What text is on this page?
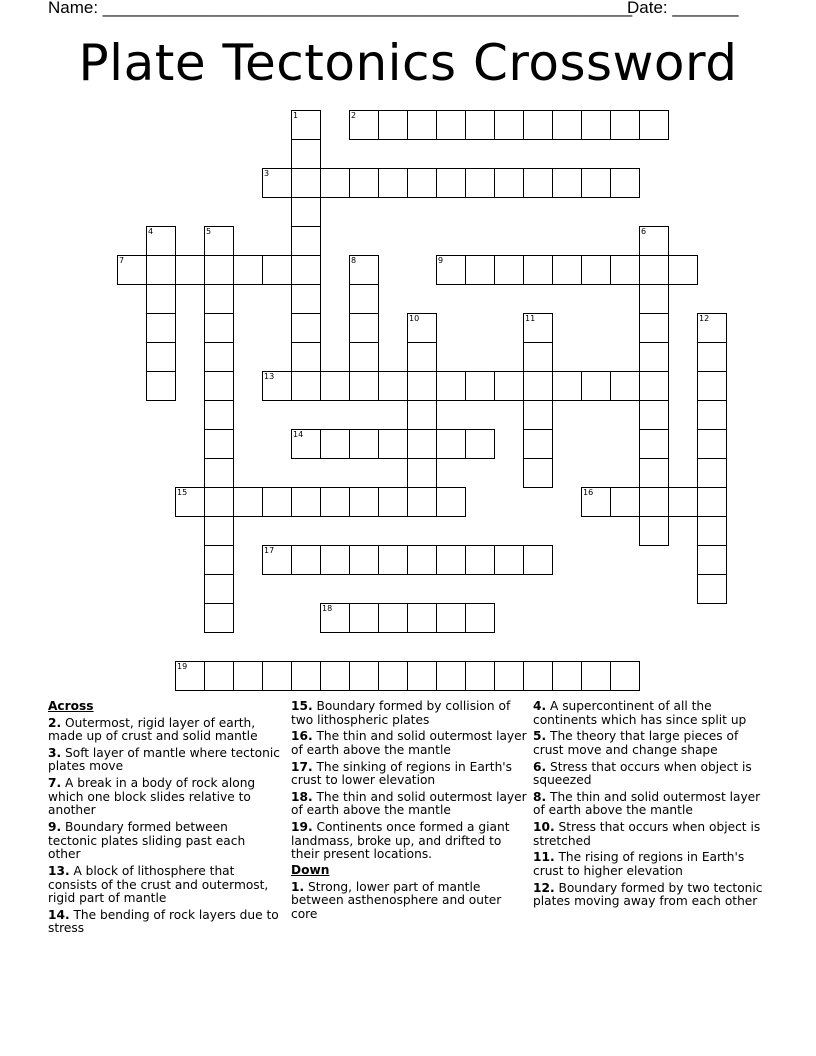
Name: ________________________________________________________
Date: _______
Plate Tectonics Crossword
1	2
3
4	5	6
7	8	9
10	11	12
13
14
15	16
17
18
19
Across
2. Outermost, rigid layer of earth, made up of crust and solid mantle
3. Soft layer of mantle where tectonic plates move
7. A break in a body of rock along which one block slides relative to another
9. Boundary formed between tectonic plates sliding past each other
13. A block of lithosphere that consists of the crust and outermost, rigid part of mantle
14. The bending of rock layers due to stress
15. Boundary formed by collision of two lithospheric plates
16. The thin and solid outermost layer of earth above the mantle
17. The sinking of regions in Earth's crust to lower elevation
18. The thin and solid outermost layer of earth above the mantle
19. Continents once formed a giant landmass, broke up, and drifted to their present locations.
Down
1. Strong, lower part of mantle between asthenosphere and outer core
4. A supercontinent of all the continents which has since split up
5. The theory that large pieces of crust move and change shape
6. Stress that occurs when object is squeezed
8. The thin and solid outermost layer of earth above the mantle
10. Stress that occurs when object is stretched
11. The rising of regions in Earth's crust to higher elevation
12. Boundary formed by two tectonic plates moving away from each other
